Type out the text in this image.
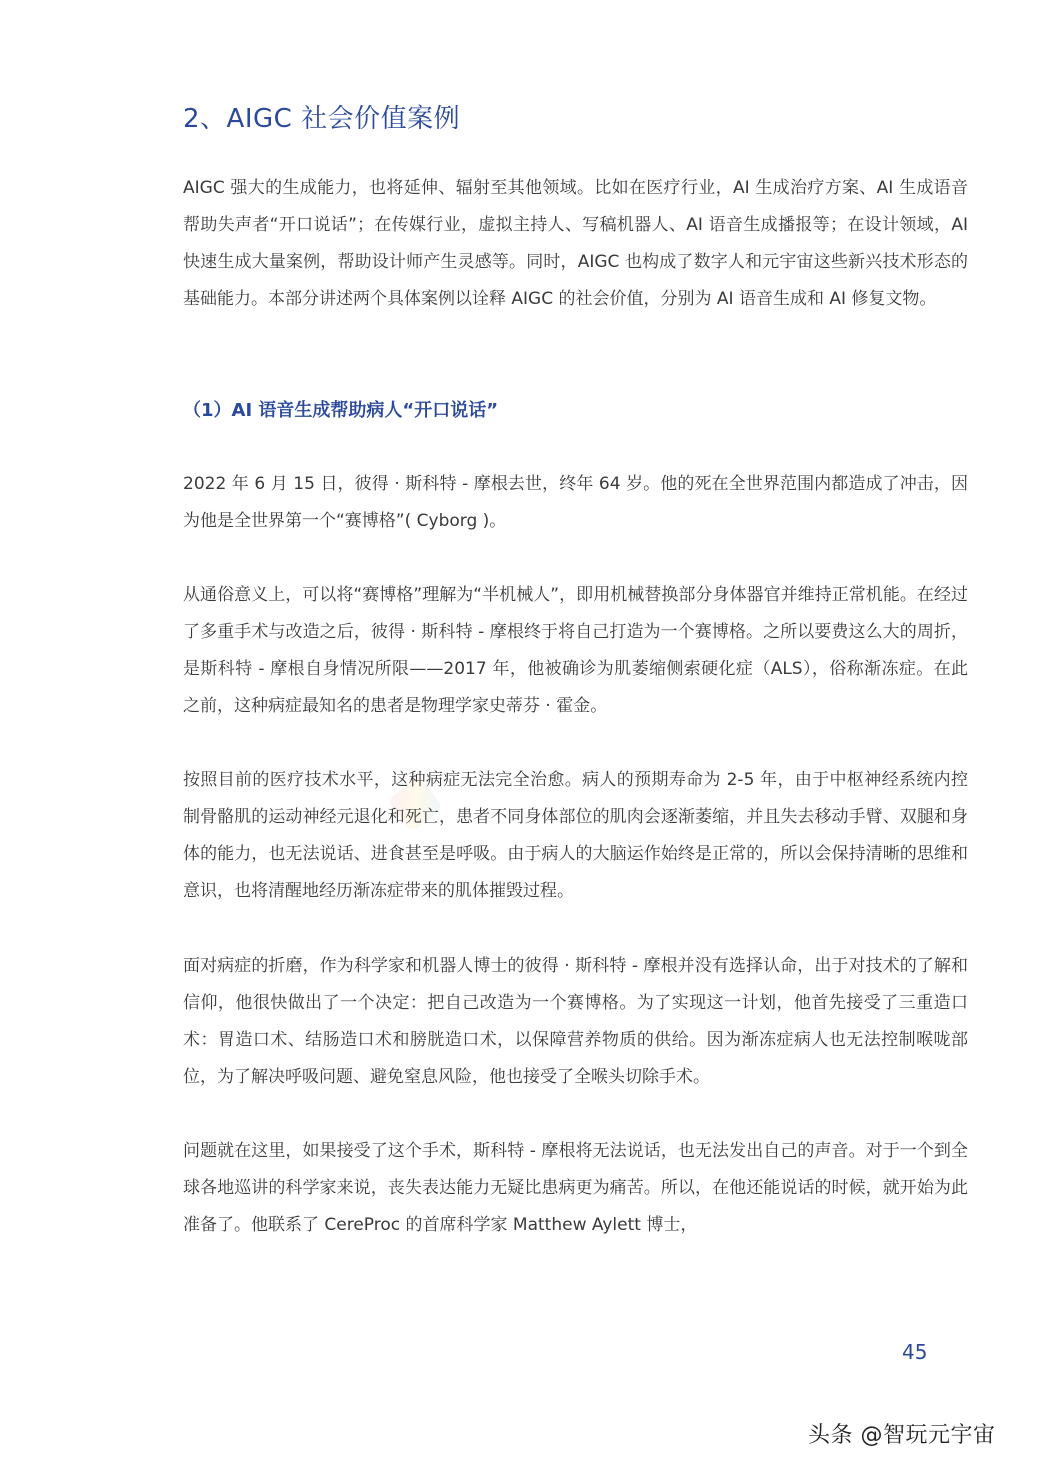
2、AIGC 社会价值案例

AIGC 强大的生成能力，也将延伸、辐射至其他领域。比如在医疗行业，AI 生成治疗方案、AI 生成语音帮助失声者“开口说话”；在传媒行业，虚拟主持人、写稿机器人、AI 语音生成播报等；在设计领域，AI 快速生成大量案例，帮助设计师产生灵感等。同时，AIGC 也构成了数字人和元宇宙这些新兴技术形态的基础能力。本部分讲述两个具体案例以诠释 AIGC 的社会价值，分别为 AI 语音生成和 AI 修复文物。

（1）AI 语音生成帮助病人“开口说话”

2022 年 6 月 15 日，彼得 · 斯科特 - 摩根去世，终年 64 岁。他的死在全世界范围内都造成了冲击，因为他是全世界第一个“赛博格”( Cyborg )。

从通俗意义上，可以将“赛博格”理解为“半机械人”，即用机械替换部分身体器官并维持正常机能。在经过了多重手术与改造之后，彼得 · 斯科特 - 摩根终于将自己打造为一个赛博格。之所以要费这么大的周折，是斯科特 - 摩根自身情况所限——2017 年，他被确诊为肌萎缩侧索硬化症（ALS），俗称渐冻症。在此之前，这种病症最知名的患者是物理学家史蒂芬 · 霍金。

按照目前的医疗技术水平，这种病症无法完全治愈。病人的预期寿命为 2-5 年，由于中枢神经系统内控制骨骼肌的运动神经元退化和死亡，患者不同身体部位的肌肉会逐渐萎缩，并且失去移动手臂、双腿和身体的能力，也无法说话、进食甚至是呼吸。由于病人的大脑运作始终是正常的，所以会保持清晰的思维和意识，也将清醒地经历渐冻症带来的肌体摧毁过程。

面对病症的折磨，作为科学家和机器人博士的彼得 · 斯科特 - 摩根并没有选择认命，出于对技术的了解和信仰，他很快做出了一个决定：把自己改造为一个赛博格。为了实现这一计划，他首先接受了三重造口术：胃造口术、结肠造口术和膀胱造口术，以保障营养物质的供给。因为渐冻症病人也无法控制喉咙部位，为了解决呼吸问题、避免窒息风险，他也接受了全喉头切除手术。

问题就在这里，如果接受了这个手术，斯科特 - 摩根将无法说话，也无法发出自己的声音。对于一个到全球各地巡讲的科学家来说，丧失表达能力无疑比患病更为痛苦。所以，在他还能说话的时候，就开始为此准备了。他联系了 CereProc 的首席科学家 Matthew Aylett 博士，

45
头条 @智玩元宇宙
